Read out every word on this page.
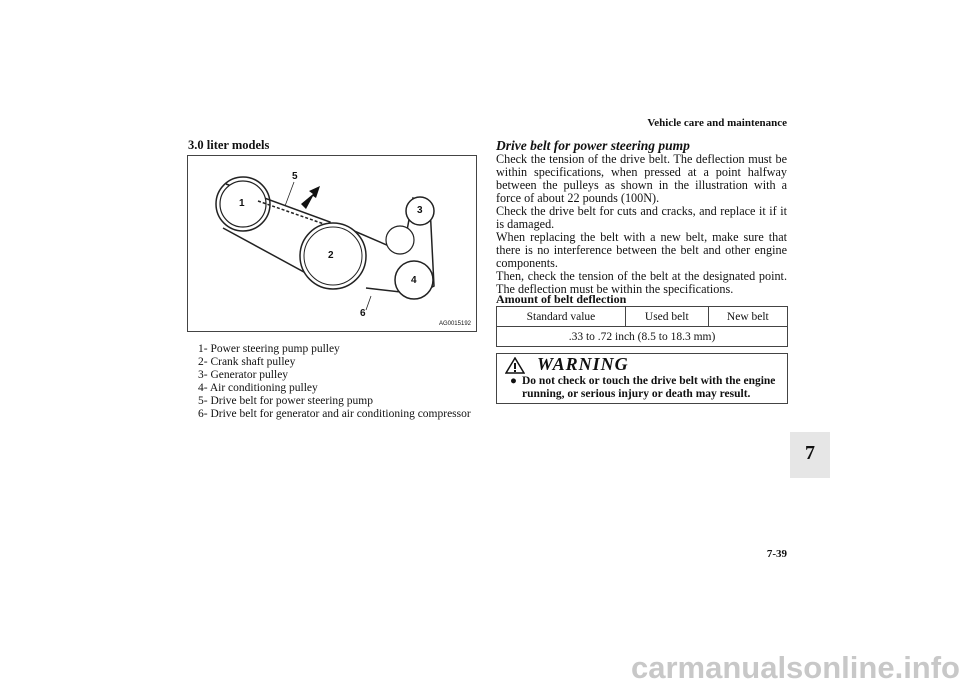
Vehicle care and maintenance
3.0 liter models
1
2
3
4
5
6
AG0015192
1- Power steering pump pulley
2- Crank shaft pulley
3- Generator pulley
4- Air conditioning pulley
5- Drive belt for power steering pump
6- Drive belt for generator and air conditioning compressor
Drive belt for power steering pump

Check the tension of the drive belt. The deflection must be within specifications, when pressed at a point halfway between the pulleys as shown in the illustration with a force of about 22 pounds (100N).

Check the drive belt for cuts and cracks, and replace it if it is damaged.

When replacing the belt with a new belt, make sure that there is no interference between the belt and other engine components.

Then, check the tension of the belt at the designated point. The deflection must be within the specifications.

Amount of belt deflection
Standard value	Used belt	New belt
.33 to .72 inch (8.5 to 18.3 mm)
WARNING
● Do not check or touch the drive belt with the engine running, or serious injury or death may result.
7
7-39
carmanualsonline.info
